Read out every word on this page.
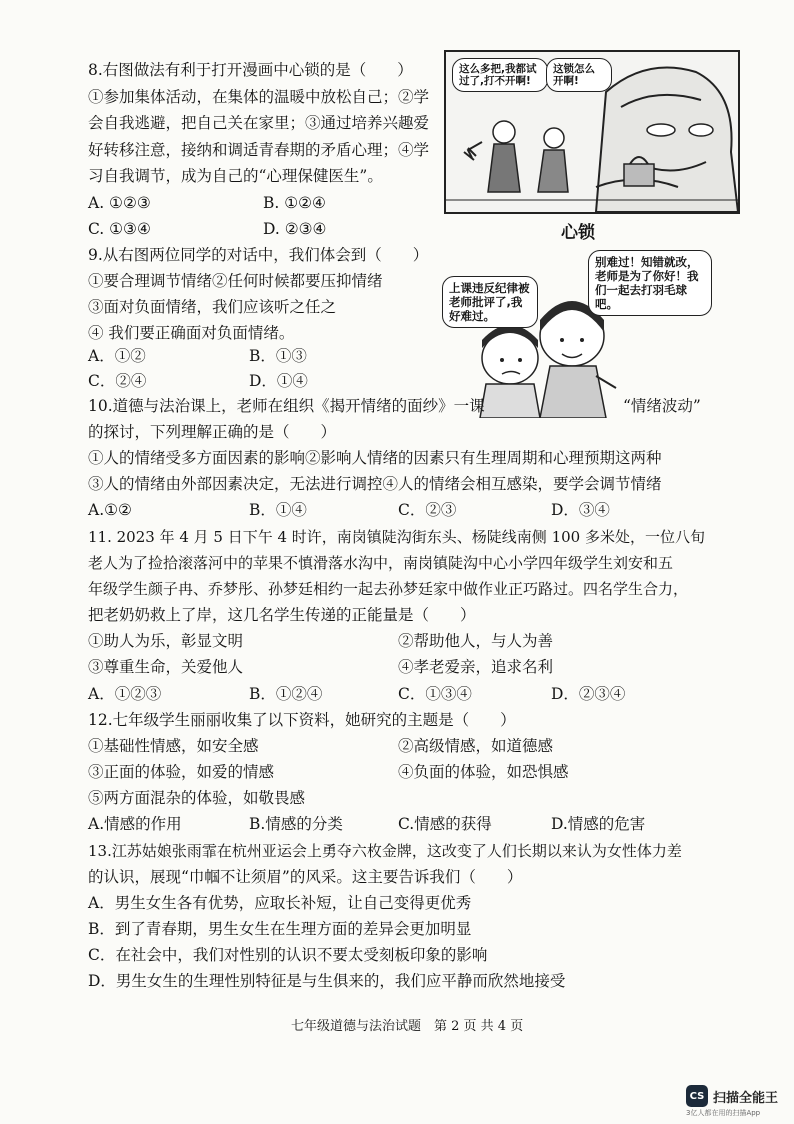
8.右图做法有利于打开漫画中心锁的是（　　）
①参加集体活动，在集体的温暖中放松自己；②学
会自我逃避，把自己关在家里；③通过培养兴趣爱
好转移注意，接纳和调适青春期的矛盾心理；④学
习自我调节，成为自己的“心理保健医生”。
A. ①②③	B. ①②④
C. ①③④	D. ②③④
这么多把,我都试过了,打不开啊!
这锁怎么开啊!
心锁
9.从右图两位同学的对话中，我们体会到（　　）
①要合理调节情绪②任何时候都要压抑情绪
③面对负面情绪，我们应该听之任之
④ 我们要正确面对负面情绪。
A．①②	B．①③
C．②④	D．①④
上课违反纪律被老师批评了,我好难过。
别难过！知错就改，老师是为了你好！我们一起去打羽毛球吧。
10.道德与法治课上，老师在组织《揭开情绪的面纱》一课	“情绪波动”
的探讨，下列理解正确的是（　　）
①人的情绪受多方面因素的影响②影响人情绪的因素只有生理周期和心理预期这两种
③人的情绪由外部因素决定，无法进行调控④人的情绪会相互感染，要学会调节情绪
A.①②	B．①④	C．②③	D．③④
11. 2023 年 4 月 5 日下午 4 时许，南岗镇陡沟街东头、杨陡线南侧 100 多米处，一位八旬
老人为了捡拾滚落河中的苹果不慎滑落水沟中，南岗镇陡沟中心小学四年级学生刘安和五
年级学生颜子冉、乔梦彤、孙梦廷相约一起去孙梦廷家中做作业正巧路过。四名学生合力，
把老奶奶救上了岸，这几名学生传递的正能量是（　　）
①助人为乐，彰显文明	②帮助他人，与人为善
③尊重生命，关爱他人	④孝老爱亲，追求名利
A．①②③	B．①②④	C．①③④	D．②③④
12.七年级学生丽丽收集了以下资料，她研究的主题是（　　）
①基础性情感，如安全感	②高级情感，如道德感
③正面的体验，如爱的情感	④负面的体验，如恐惧感
⑤两方面混杂的体验，如敬畏感
A.情感的作用	B.情感的分类	C.情感的获得	D.情感的危害
13.江苏姑娘张雨霏在杭州亚运会上勇夺六枚金牌，这改变了人们长期以来认为女性体力差
的认识，展现“巾帼不让须眉”的风采。这主要告诉我们（　　）
A．男生女生各有优势，应取长补短，让自己变得更优秀
B．到了青春期，男生女生在生理方面的差异会更加明显
C．在社会中，我们对性别的认识不要太受刻板印象的影响
D．男生女生的生理性别特征是与生俱来的，我们应平静而欣然地接受
七年级道德与法治试题　第 2 页 共 4 页
CS 扫描全能王
3亿人都在用的扫描App
